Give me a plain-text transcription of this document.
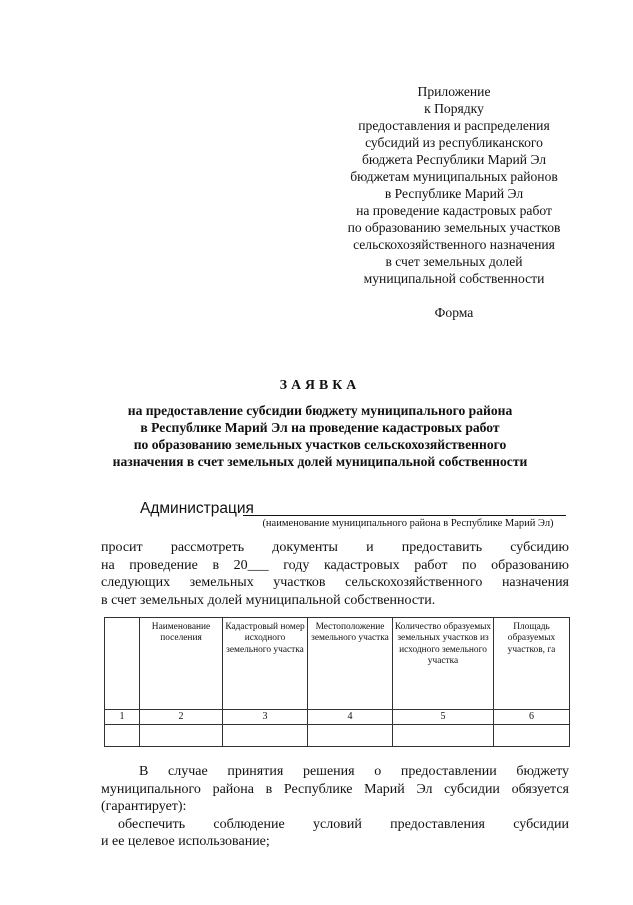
Приложение
к Порядку
предоставления и распределения
субсидий из республиканского
бюджета Республики Марий Эл
бюджетам муниципальных районов
в Республике Марий Эл
на проведение кадастровых работ
по образованию земельных участков
сельскохозяйственного назначения
в счет земельных долей
муниципальной собственности
Форма
ЗАЯВКА
на предоставление субсидии бюджету муниципального района
в Республике Марий Эл на проведение кадастровых работ
по образованию земельных участков сельскохозяйственного
назначения в счет земельных долей муниципальной собственности
Администрация
(наименование муниципального района в Республике Марий Эл)
просит рассмотреть документы и предоставить субсидию
на проведение в 20___ году кадастровых работ по образованию
следующих земельных участков сельскохозяйственного назначения
в счет земельных долей муниципальной собственности.
	Наименование поселения	Кадастровый номер исходного земельного участка	Местоположение земельного участка	Количество образуемых земельных участков из исходного земельного участка	Площадь образуемых участков, га
1	2	3	4	5	6

В случае принятия решения о предоставлении бюджету
муниципального района в Республике Марий Эл субсидии обязуется
(гарантирует):
обеспечить соблюдение условий предоставления субсидии
и ее целевое использование;
